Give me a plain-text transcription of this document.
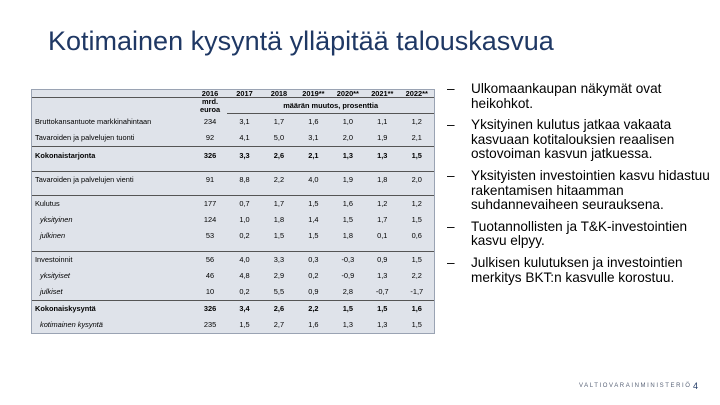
Kotimainen kysyntä ylläpitää talouskasvua
	2016	2017	2018	2019**	2020**	2021**	2022**
	mrd. euroa	määrän muutos, prosenttia					
Bruttokansantuote markkinahintaan	234	3,1	1,7	1,6	1,0	1,1	1,2
Tavaroiden ja palvelujen tuonti	92	4,1	5,0	3,1	2,0	1,9	2,1
Kokonaistarjonta	326	3,3	2,6	2,1	1,3	1,3	1,5

Tavaroiden ja palvelujen vienti	91	8,8	2,2	4,0	1,9	1,8	2,0

Kulutus	177	0,7	1,7	1,5	1,6	1,2	1,2
yksityinen	124	1,0	1,8	1,4	1,5	1,7	1,5
julkinen	53	0,2	1,5	1,5	1,8	0,1	0,6

Investoinnit	56	4,0	3,3	0,3	-0,3	0,9	1,5
yksityiset	46	4,8	2,9	0,2	-0,9	1,3	2,2
julkiset	10	0,2	5,5	0,9	2,8	-0,7	-1,7
Kokonaiskysyntä	326	3,4	2,6	2,2	1,5	1,5	1,6
kotimainen kysyntä	235	1,5	2,7	1,6	1,3	1,3	1,5
–	Ulkomaankaupan näkymät ovat heikohkot.
–	Yksityinen kulutus jatkaa vakaata kasvuaan kotitalouksien reaalisen ostovoiman kasvun jatkuessa.
–	Yksityisten investointien kasvu hidastuu rakentamisen hitaamman suhdannevaiheen seurauksena.
–	Tuotannollisten ja T&K-investointien kasvu elpyy.
–	Julkisen kulutuksen ja investointien merkitys BKT:n kasvulle korostuu.
VALTIOVARAINMINISTERIÖ 4
